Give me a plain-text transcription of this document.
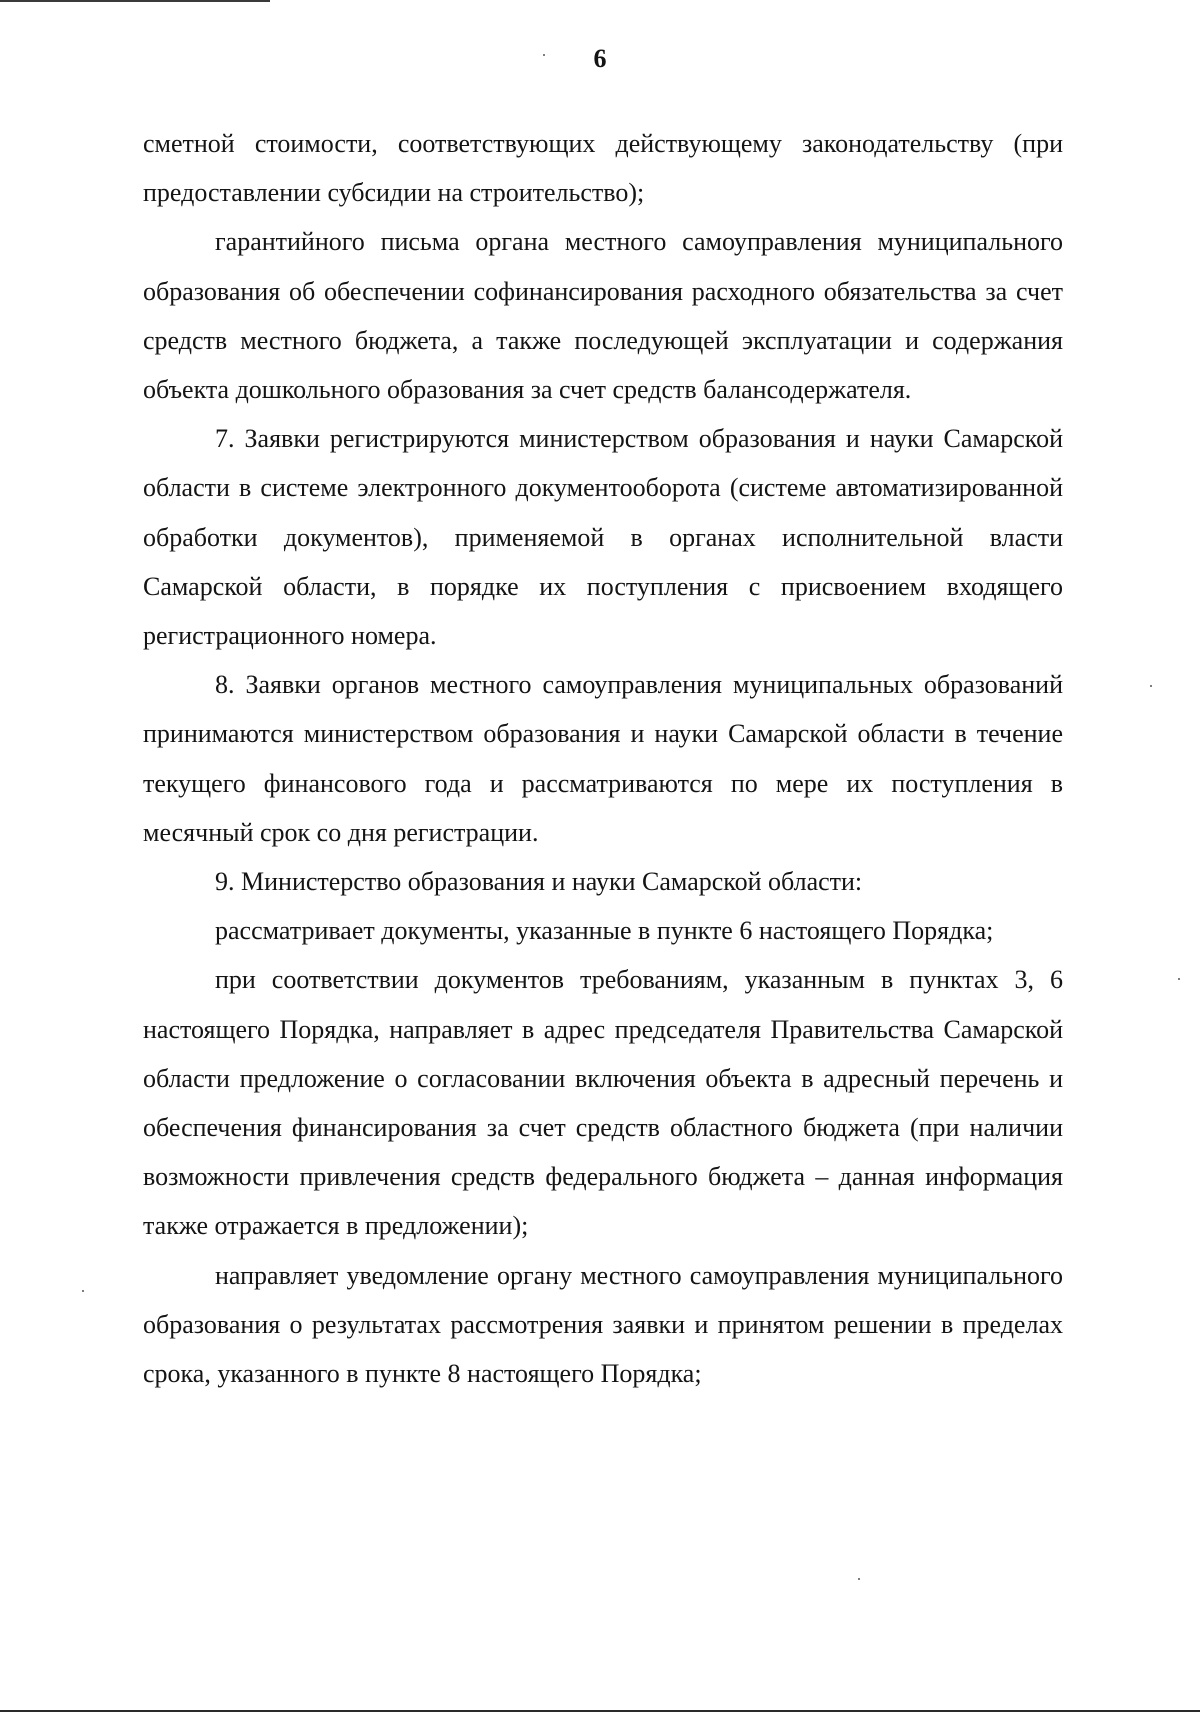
6

сметной стоимости, соответствующих действующему законодательству (при предоставлении субсидии на строительство);

гарантийного письма органа местного самоуправления муниципального образования об обеспечении софинансирования расходного обязательства за счет средств местного бюджета, а также последующей эксплуатации и содержания объекта дошкольного образования за счет средств балансодержателя.

7. Заявки регистрируются министерством образования и науки Самарской области в системе электронного документооборота (системе автоматизированной обработки документов), применяемой в органах исполнительной власти Самарской области, в порядке их поступления с присвоением входящего регистрационного номера.

8. Заявки органов местного самоуправления муниципальных образований принимаются министерством образования и науки Самарской области в течение текущего финансового года и рассматриваются по мере их поступления в месячный срок со дня регистрации.

9. Министерство образования и науки Самарской области:

рассматривает документы, указанные в пункте 6 настоящего Порядка;

при соответствии документов требованиям, указанным в пунктах 3, 6 настоящего Порядка, направляет в адрес председателя Правительства Самарской области предложение о согласовании включения объекта в адресный перечень и обеспечения финансирования за счет средств областного бюджета (при наличии возможности привлечения средств федерального бюджета – данная информация также отражается в предложении);

направляет уведомление органу местного самоуправления муниципального образования о результатах рассмотрения заявки и принятом решении в пределах срока, указанного в пункте 8 настоящего Порядка;
